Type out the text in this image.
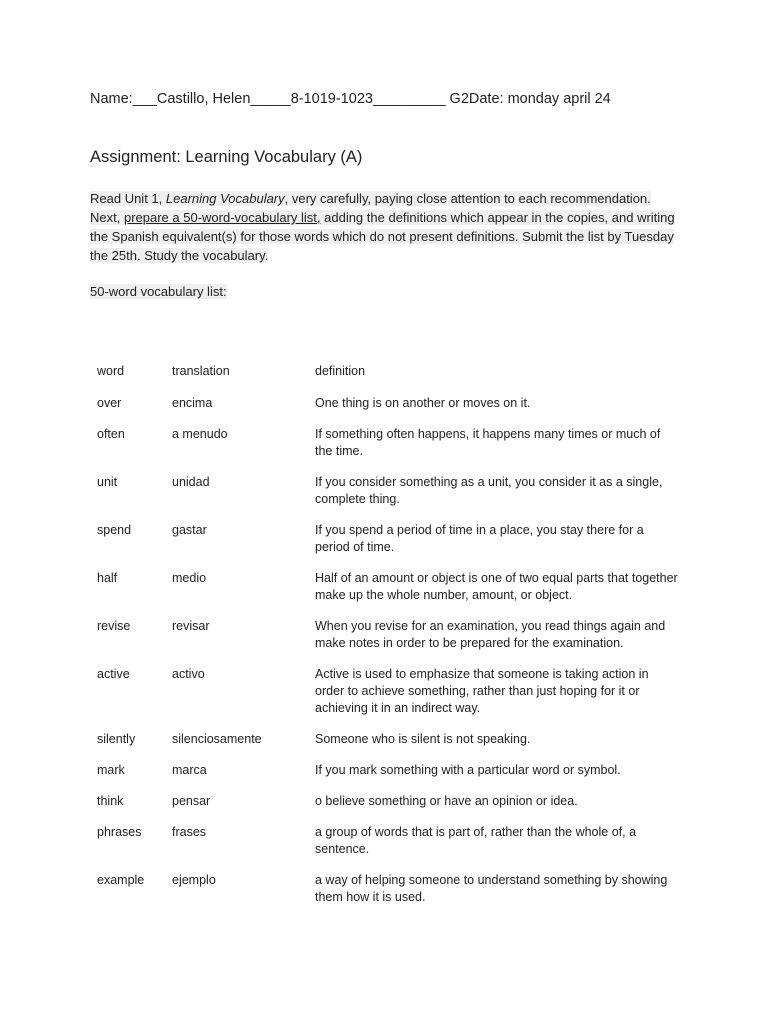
Name:___Castillo, Helen_____8-1019-1023_________ G2Date: monday april 24
Assignment: Learning Vocabulary (A)
Read Unit 1, Learning Vocabulary, very carefully, paying close attention to each recommendation.
Next, prepare a 50-word-vocabulary list, adding the definitions which appear in the copies, and writing the Spanish equivalent(s) for those words which do not present definitions. Submit the list by Tuesday the 25th. Study the vocabulary.
50-word vocabulary list:
word	translation	definition
over	encima	One thing is on another or moves on it.
often	a menudo	If something often happens, it happens many times or much of the time.
unit	unidad	If you consider something as a unit, you consider it as a single, complete thing.
spend	gastar	If you spend a period of time in a place, you stay there for a period of time.
half	medio	Half of an amount or object is one of two equal parts that together make up the whole number, amount, or object.
revise	revisar	When you revise for an examination, you read things again and make notes in order to be prepared for the examination.
active	activo	Active is used to emphasize that someone is taking action in order to achieve something, rather than just hoping for it or achieving it in an indirect way.
silently	silenciosamente	Someone who is silent is not speaking.
mark	marca	If you mark something with a particular word or symbol.
think	pensar	o believe something or have an opinion or idea.
phrases	frases	a group of words that is part of, rather than the whole of, a sentence.
example	ejemplo	a way of helping someone to understand something by showing them how it is used.
